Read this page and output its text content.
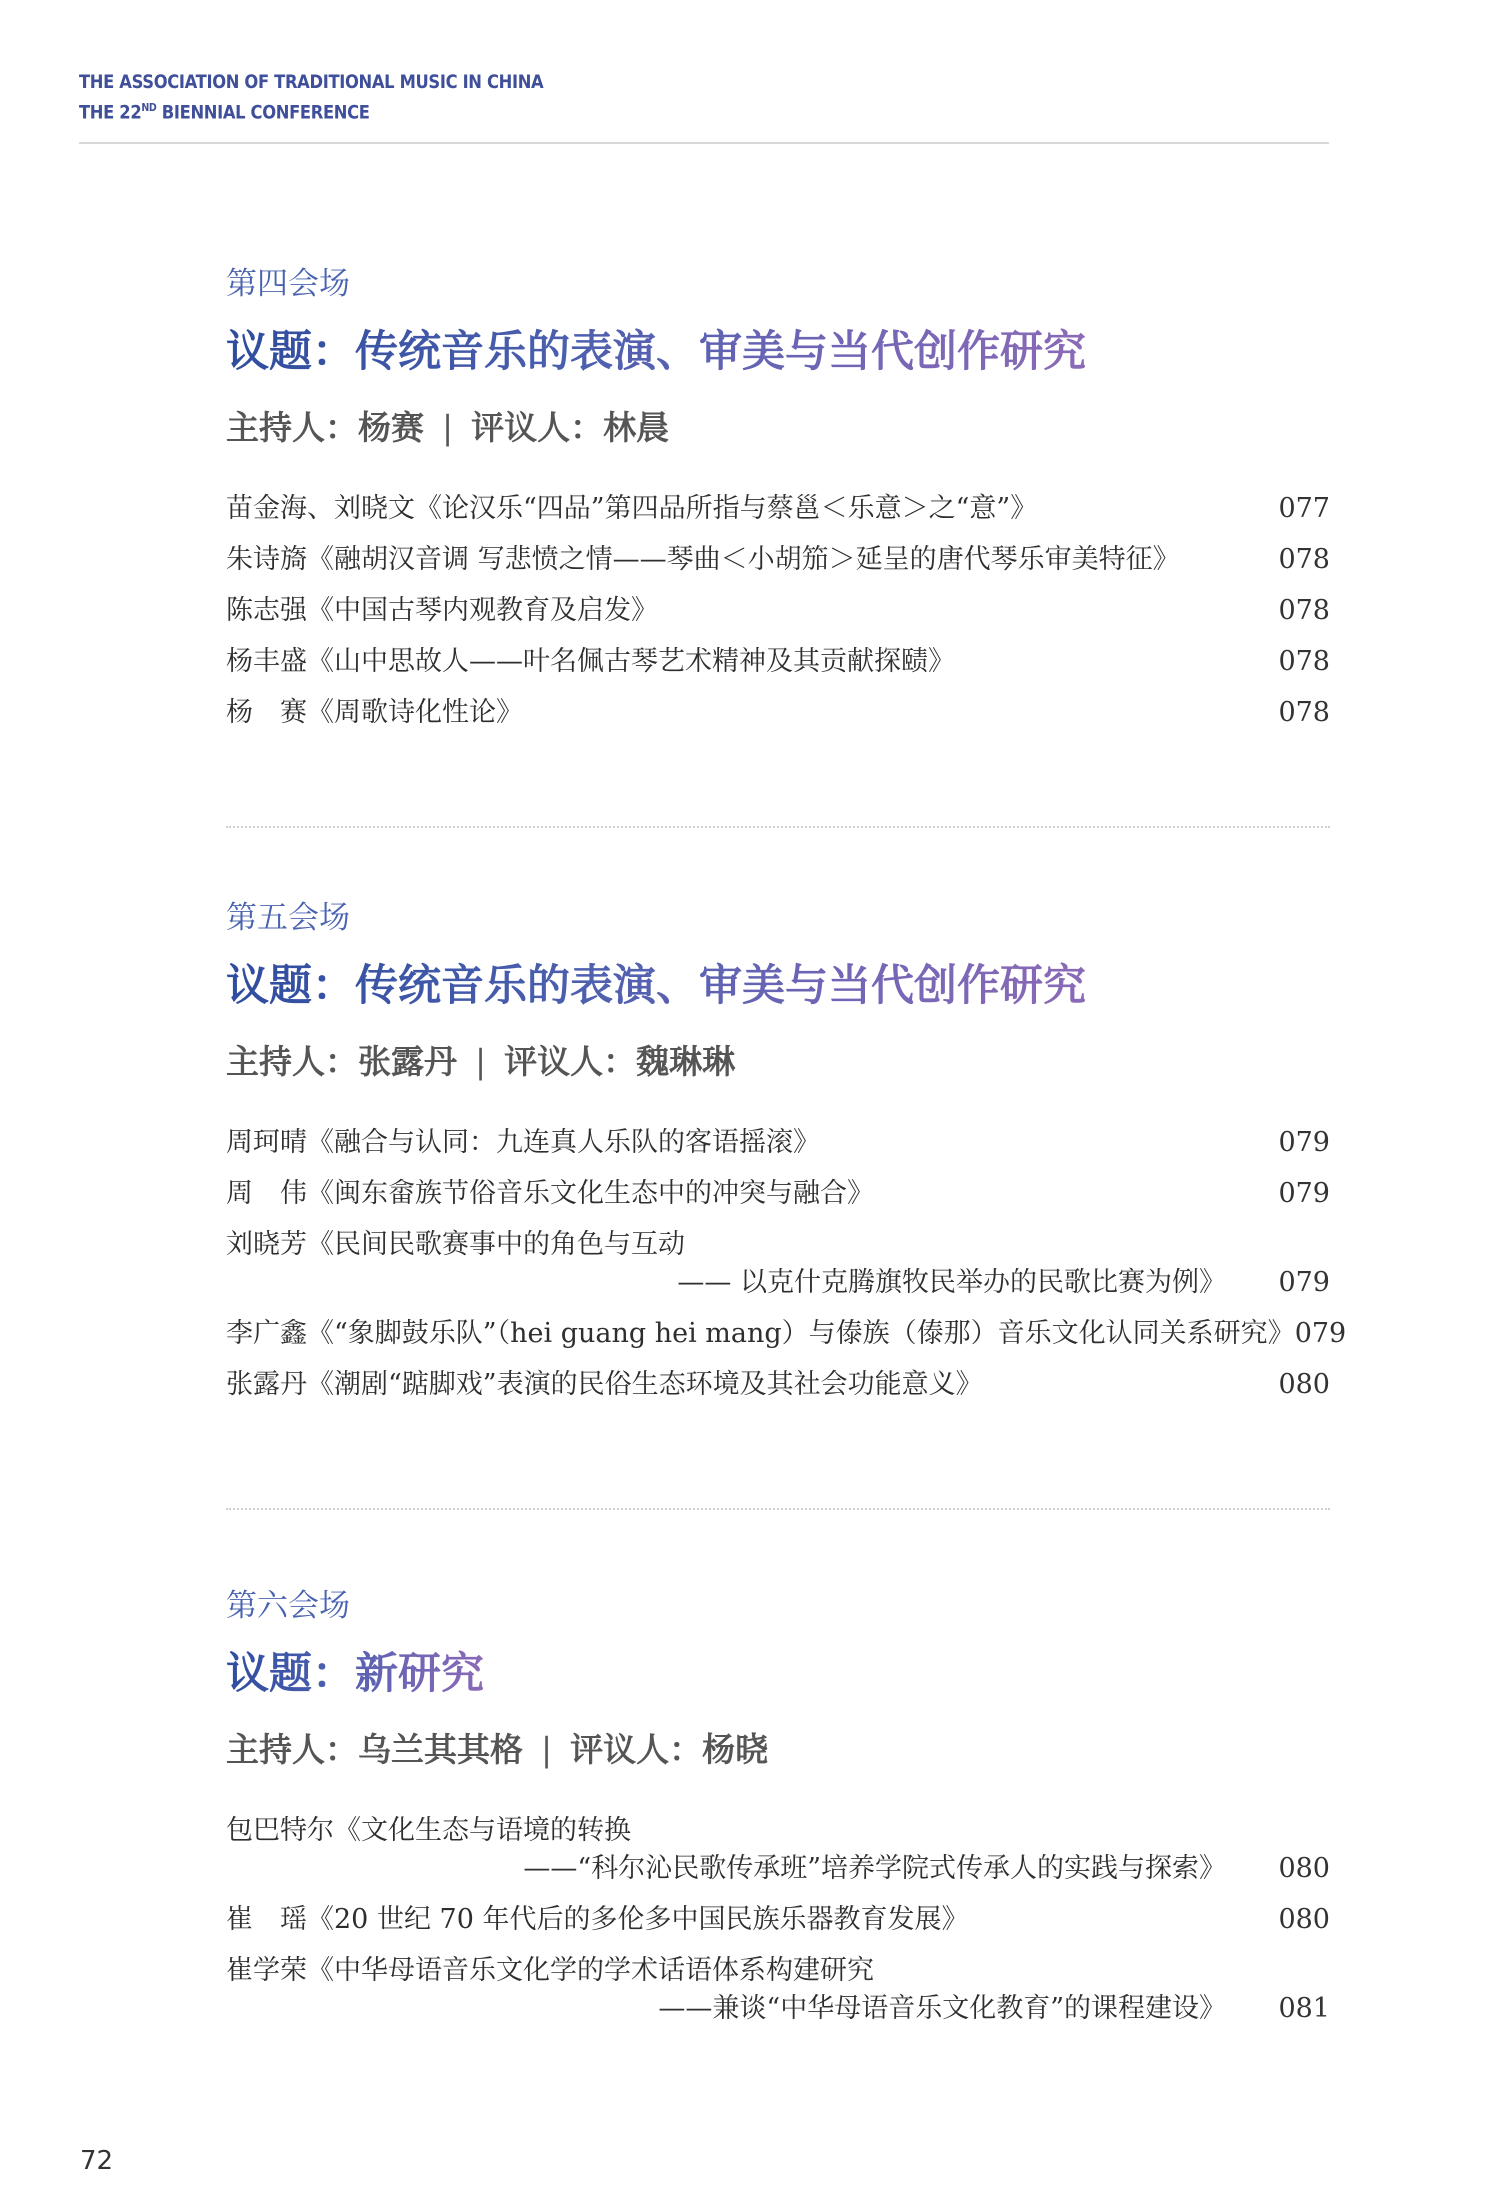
THE ASSOCIATION OF TRADITIONAL MUSIC IN CHINA
THE 22ND BIENNIAL CONFERENCE
第四会场
议题：传统音乐的表演、审美与当代创作研究
主持人：杨赛 | 评议人：林晨
苗金海、刘晓文《论汉乐“四品”第四品所指与蔡邕＜乐意＞之“意”》	077
朱诗旖《融胡汉音调 写悲愤之情——琴曲＜小胡笳＞延呈的唐代琴乐审美特征》	078
陈志强《中国古琴内观教育及启发》	078
杨丰盛《山中思故人——叶名佩古琴艺术精神及其贡献探赜》	078
杨　赛《周歌诗化性论》	078
第五会场
议题：传统音乐的表演、审美与当代创作研究
主持人：张露丹 | 评议人：魏琳琳
周珂晴《融合与认同：九连真人乐队的客语摇滚》	079
周　伟《闽东畲族节俗音乐文化生态中的冲突与融合》	079
刘晓芳《民间民歌赛事中的角色与互动
—— 以克什克腾旗牧民举办的民歌比赛为例》 079
李广鑫《“象脚鼓乐队”（hei guang hei mang）与傣族（傣那）音乐文化认同关系研究》 079
张露丹《潮剧“踮脚戏”表演的民俗生态环境及其社会功能意义》	080
第六会场
议题：新研究
主持人：乌兰其其格 | 评议人：杨晓
包巴特尔《文化生态与语境的转换
——“科尔沁民歌传承班”培养学院式传承人的实践与探索》 080
崔　瑶《20 世纪 70 年代后的多伦多中国民族乐器教育发展》	080
崔学荣《中华母语音乐文化学的学术话语体系构建研究
——兼谈“中华母语音乐文化教育”的课程建设》 081
72
